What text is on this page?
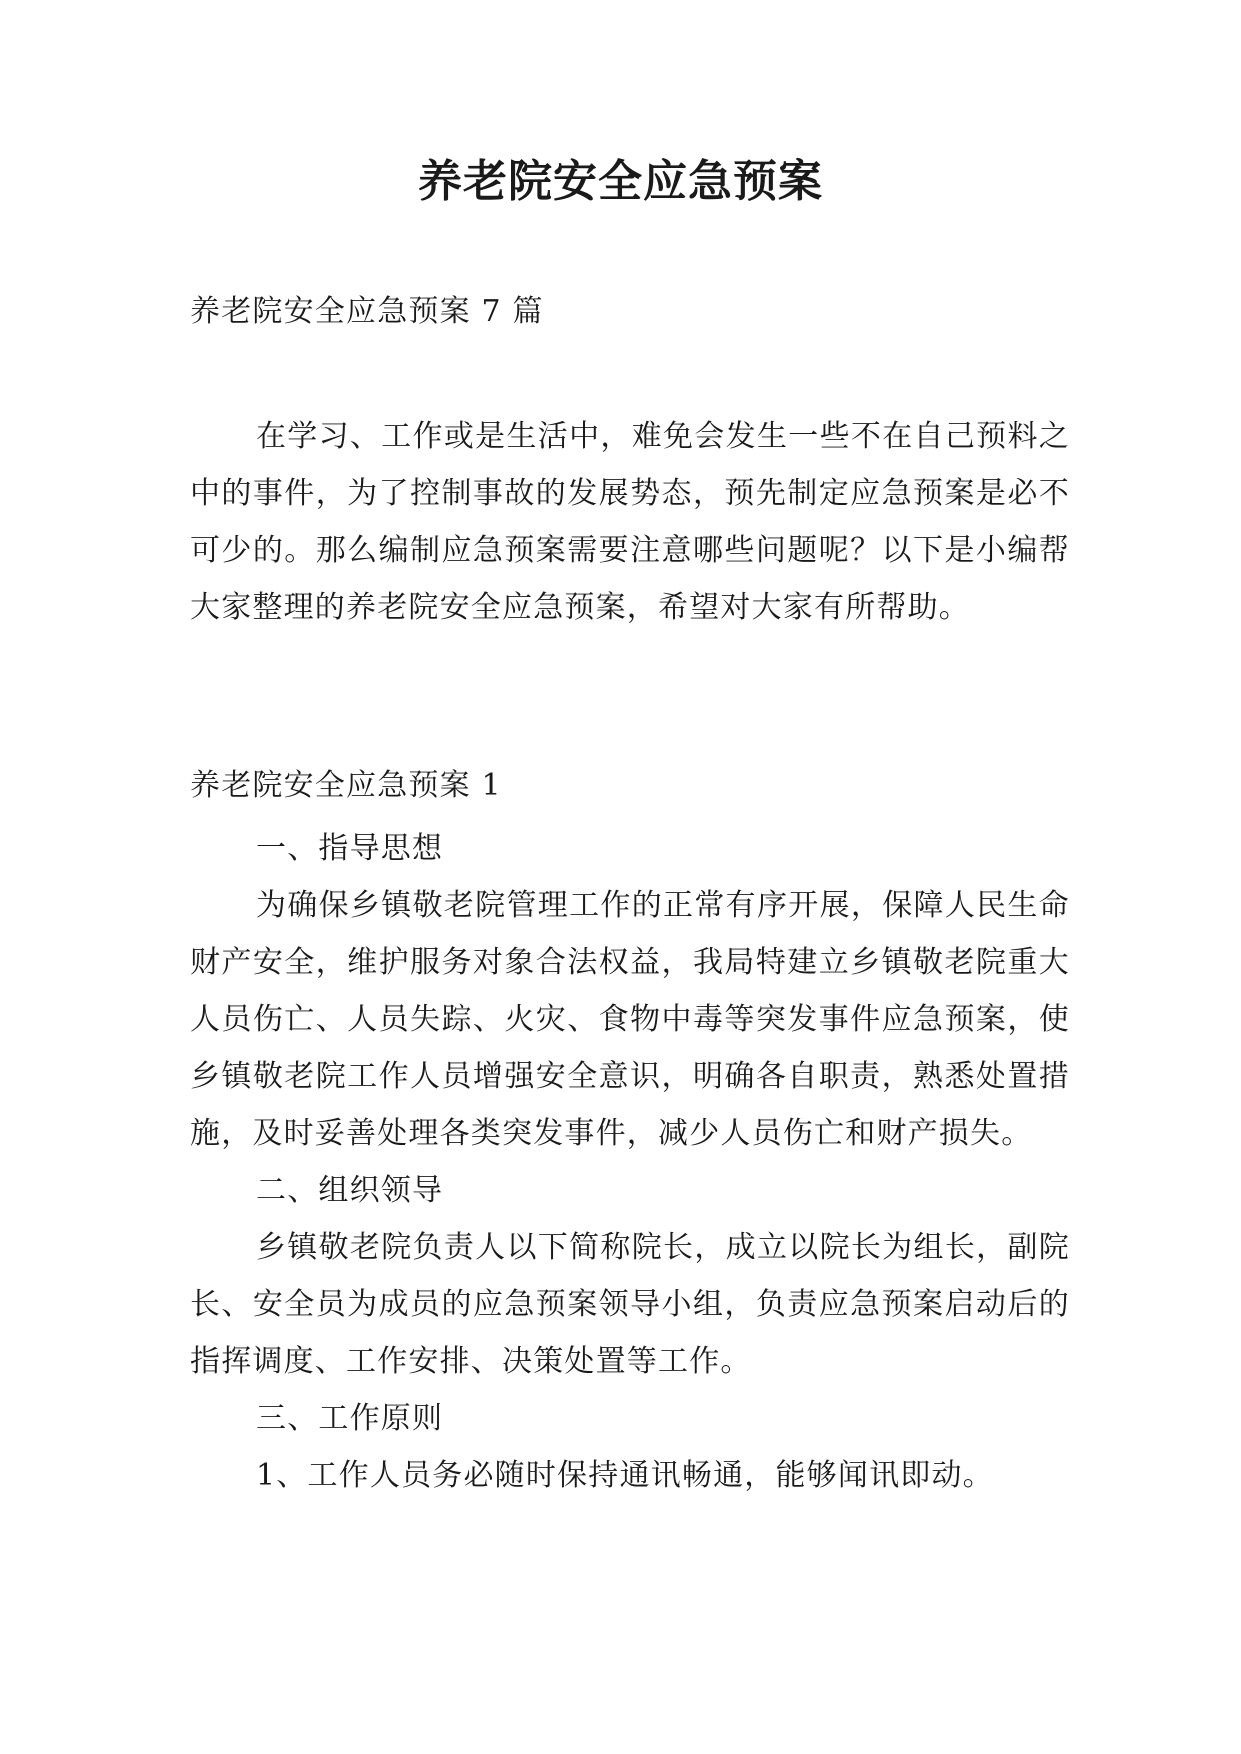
养老院安全应急预案

养老院安全应急预案 7 篇

在学习、工作或是生活中，难免会发生一些不在自己预料之中的事件，为了控制事故的发展势态，预先制定应急预案是必不可少的。那么编制应急预案需要注意哪些问题呢？以下是小编帮大家整理的养老院安全应急预案，希望对大家有所帮助。

养老院安全应急预案 1

一、指导思想

为确保乡镇敬老院管理工作的正常有序开展，保障人民生命财产安全，维护服务对象合法权益，我局特建立乡镇敬老院重大人员伤亡、人员失踪、火灾、食物中毒等突发事件应急预案，使乡镇敬老院工作人员增强安全意识，明确各自职责，熟悉处置措施，及时妥善处理各类突发事件，减少人员伤亡和财产损失。

二、组织领导

乡镇敬老院负责人以下简称院长，成立以院长为组长，副院长、安全员为成员的应急预案领导小组，负责应急预案启动后的指挥调度、工作安排、决策处置等工作。

三、工作原则

1、工作人员务必随时保持通讯畅通，能够闻讯即动。
